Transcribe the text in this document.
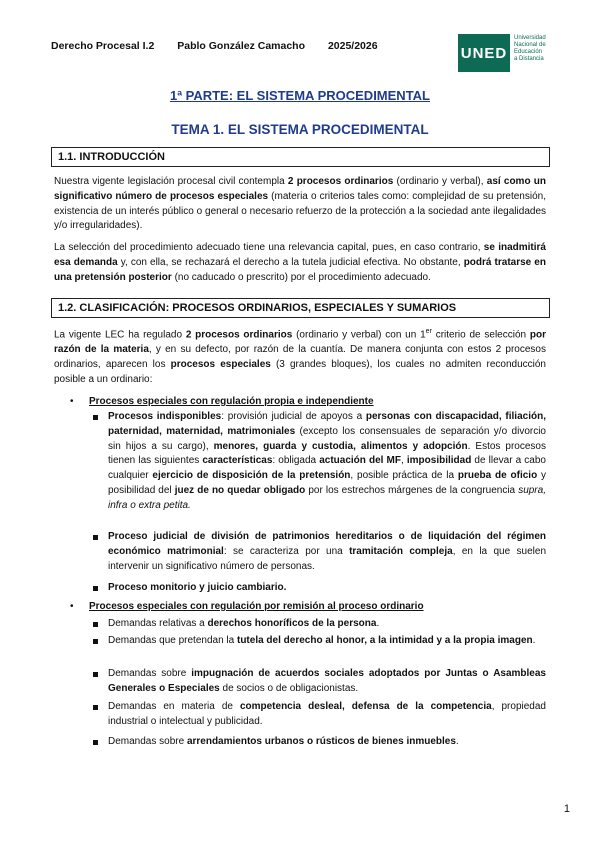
Derecho Procesal I.2 Pablo González Camacho 2025/2026	UNED
Universidad
Nacional de
Educación
a Distancia
1ª PARTE: EL SISTEMA PROCEDIMENTAL
TEMA 1. EL SISTEMA PROCEDIMENTAL
1.1. INTRODUCCIÓN
Nuestra vigente legislación procesal civil contempla 2 procesos ordinarios (ordinario y verbal), así como un significativo número de procesos especiales (materia o criterios tales como: complejidad de su pretensión, existencia de un interés público o general o necesario refuerzo de la protección a la sociedad ante ilegalidades y/o irregularidades).
La selección del procedimiento adecuado tiene una relevancia capital, pues, en caso contrario, se inadmitirá esa demanda y, con ella, se rechazará el derecho a la tutela judicial efectiva. No obstante, podrá tratarse en una pretensión posterior (no caducado o prescrito) por el procedimiento adecuado.
1.2. CLASIFICACIÓN: PROCESOS ORDINARIOS, ESPECIALES Y SUMARIOS
La vigente LEC ha regulado 2 procesos ordinarios (ordinario y verbal) con un 1er criterio de selección por razón de la materia, y en su defecto, por razón de la cuantía. De manera conjunta con estos 2 procesos ordinarios, aparecen los procesos especiales (3 grandes bloques), los cuales no admiten reconducción posible a un ordinario:
• Procesos especiales con regulación propia e independiente
Procesos indisponibles: provisión judicial de apoyos a personas con discapacidad, filiación, paternidad, maternidad, matrimoniales (excepto los consensuales de separación y/o divorcio sin hijos a su cargo), menores, guarda y custodia, alimentos y adopción. Estos procesos tienen las siguientes características: obligada actuación del MF, imposibilidad de llevar a cabo cualquier ejercicio de disposición de la pretensión, posible práctica de la prueba de oficio y posibilidad del juez de no quedar obligado por los estrechos márgenes de la congruencia supra, infra o extra petita.
Proceso judicial de división de patrimonios hereditarios o de liquidación del régimen económico matrimonial: se caracteriza por una tramitación compleja, en la que suelen intervenir un significativo número de personas.
Proceso monitorio y juicio cambiario.
• Procesos especiales con regulación por remisión al proceso ordinario
Demandas relativas a derechos honoríficos de la persona.
Demandas que pretendan la tutela del derecho al honor, a la intimidad y a la propia imagen.
Demandas sobre impugnación de acuerdos sociales adoptados por Juntas o Asambleas Generales o Especiales de socios o de obligacionistas.
Demandas en materia de competencia desleal, defensa de la competencia, propiedad industrial o intelectual y publicidad.
Demandas sobre arrendamientos urbanos o rústicos de bienes inmuebles.
1
